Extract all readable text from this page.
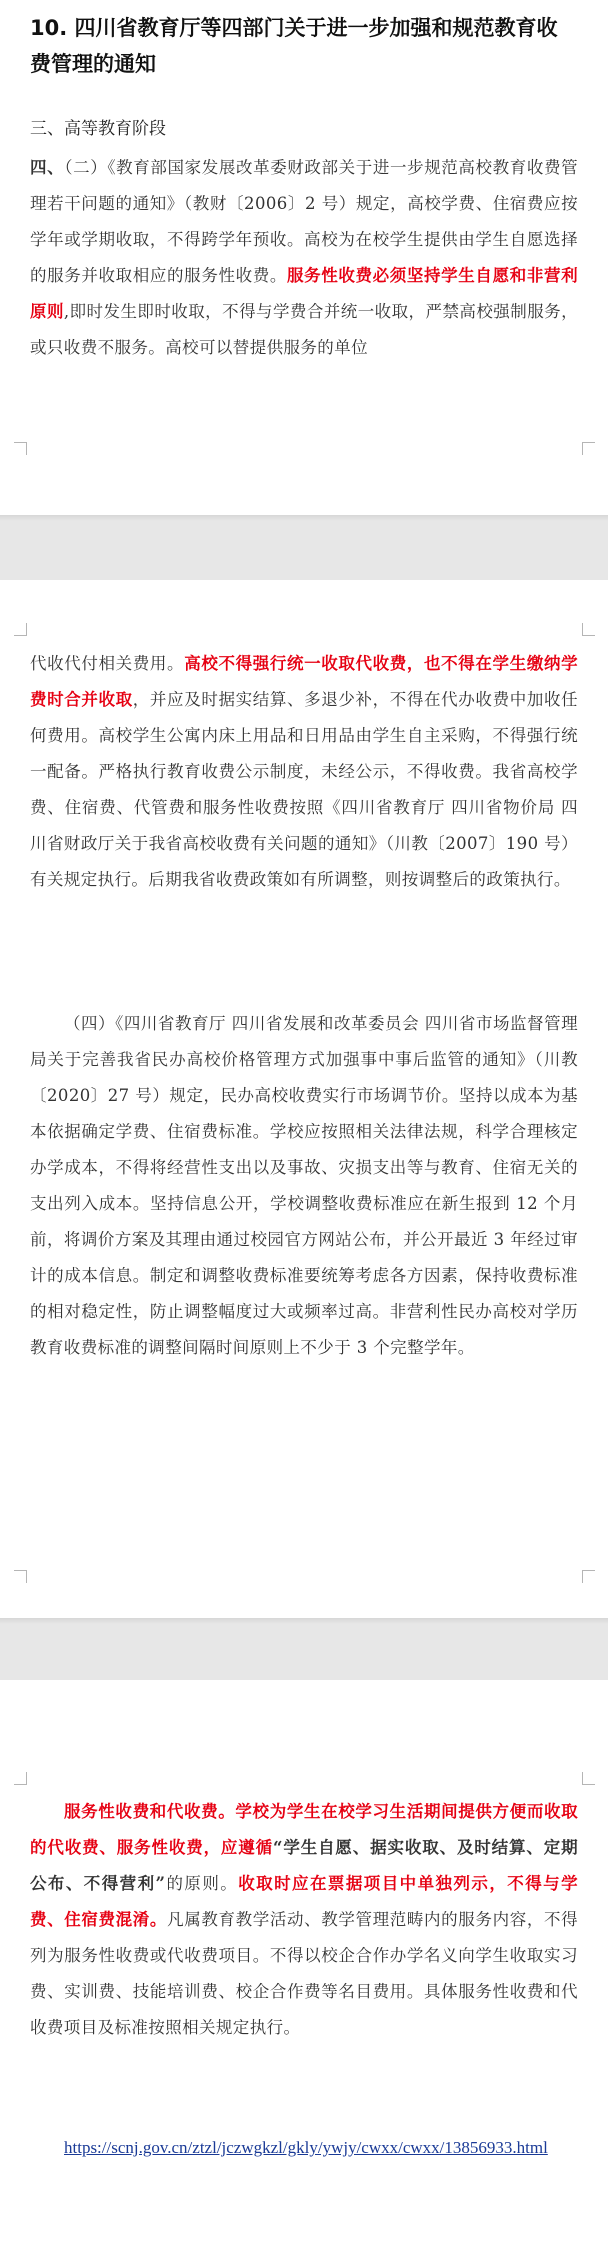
10. 四川省教育厅等四部门关于进一步加强和规范教育收费管理的通知
三、高等教育阶段

四、（二）《教育部国家发展改革委财政部关于进一步规范高校教育收费管理若干问题的通知》（教财〔2006〕2 号）规定，高校学费、住宿费应按学年或学期收取，不得跨学年预收。高校为在校学生提供由学生自愿选择的服务并收取相应的服务性收费。服务性收费必须坚持学生自愿和非营利原则,即时发生即时收取，不得与学费合并统一收取，严禁高校强制服务，或只收费不服务。高校可以替提供服务的单位

代收代付相关费用。高校不得强行统一收取代收费，也不得在学生缴纳学费时合并收取，并应及时据实结算、多退少补，不得在代办收费中加收任何费用。高校学生公寓内床上用品和日用品由学生自主采购，不得强行统一配备。严格执行教育收费公示制度，未经公示，不得收费。我省高校学费、住宿费、代管费和服务性收费按照《四川省教育厅 四川省物价局 四川省财政厅关于我省高校收费有关问题的通知》（川教〔2007〕190 号）有关规定执行。后期我省收费政策如有所调整，则按调整后的政策执行。

（四）《四川省教育厅 四川省发展和改革委员会 四川省市场监督管理局关于完善我省民办高校价格管理方式加强事中事后监管的通知》（川教〔2020〕27 号）规定，民办高校收费实行市场调节价。坚持以成本为基本依据确定学费、住宿费标准。学校应按照相关法律法规，科学合理核定办学成本，不得将经营性支出以及事故、灾损支出等与教育、住宿无关的支出列入成本。坚持信息公开，学校调整收费标准应在新生报到 12 个月前，将调价方案及其理由通过校园官方网站公布，并公开最近 3 年经过审计的成本信息。制定和调整收费标准要统筹考虑各方因素，保持收费标准的相对稳定性，防止调整幅度过大或频率过高。非营利性民办高校对学历教育收费标准的调整间隔时间原则上不少于 3 个完整学年。

服务性收费和代收费。学校为学生在校学习生活期间提供方便而收取的代收费、服务性收费，应遵循“学生自愿、据实收取、及时结算、定期公布、不得营利”的原则。收取时应在票据项目中单独列示，不得与学费、住宿费混淆。凡属教育教学活动、教学管理范畴内的服务内容，不得列为服务性收费或代收费项目。不得以校企合作办学名义向学生收取实习费、实训费、技能培训费、校企合作费等名目费用。具体服务性收费和代收费项目及标准按照相关规定执行。

https://scnj.gov.cn/ztzl/jczwgkzl/gkly/ywjy/cwxx/cwxx/13856933.html
